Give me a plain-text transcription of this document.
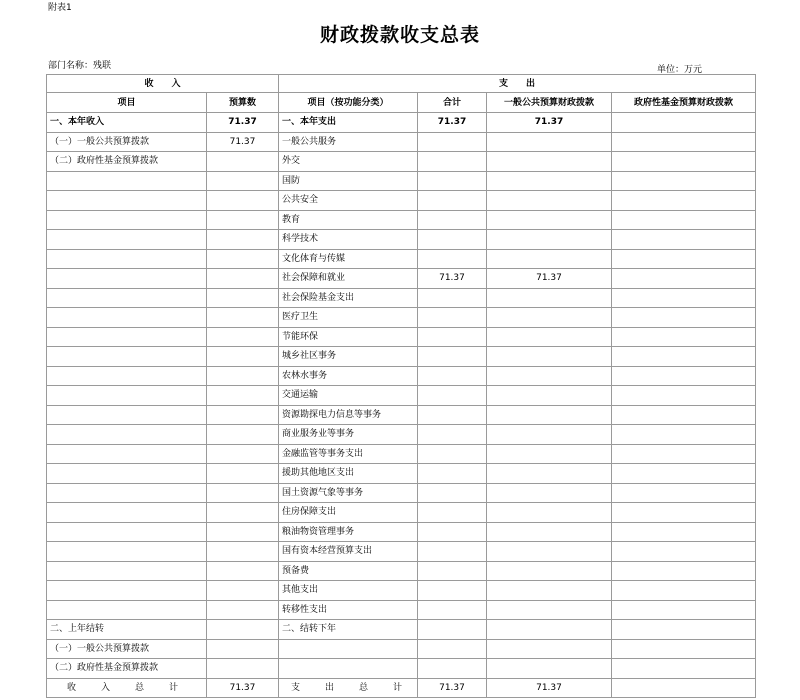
附表1
财政拨款收支总表
部门名称：残联	单位：万元
收　　入		支　　出			
项目	预算数	项目（按功能分类）	合计	一般公共预算财政拨款	政府性基金预算财政拨款
一、本年收入	71.37	一、本年支出	71.37	71.37	
（一）一般公共预算拨款	71.37	一般公共服务			
（二）政府性基金预算拨款		外交			
		国防			
		公共安全			
		教育			
		科学技术			
		文化体育与传媒			
		社会保障和就业	71.37	71.37	
		社会保险基金支出			
		医疗卫生			
		节能环保			
		城乡社区事务			
		农林水事务			
		交通运输			
		资源勘探电力信息等事务			
		商业服务业等事务			
		金融监管等事务支出			
		援助其他地区支出			
		国土资源气象等事务			
		住房保障支出			
		粮油物资管理事务			
		国有资本经营预算支出			
		预备费			
		其他支出			
		转移性支出			
二、上年结转		二、结转下年			
（一）一般公共预算拨款					
（二）政府性基金预算拨款					
收　入　总　计	71.37	支　出　总　计	71.37	71.37	
